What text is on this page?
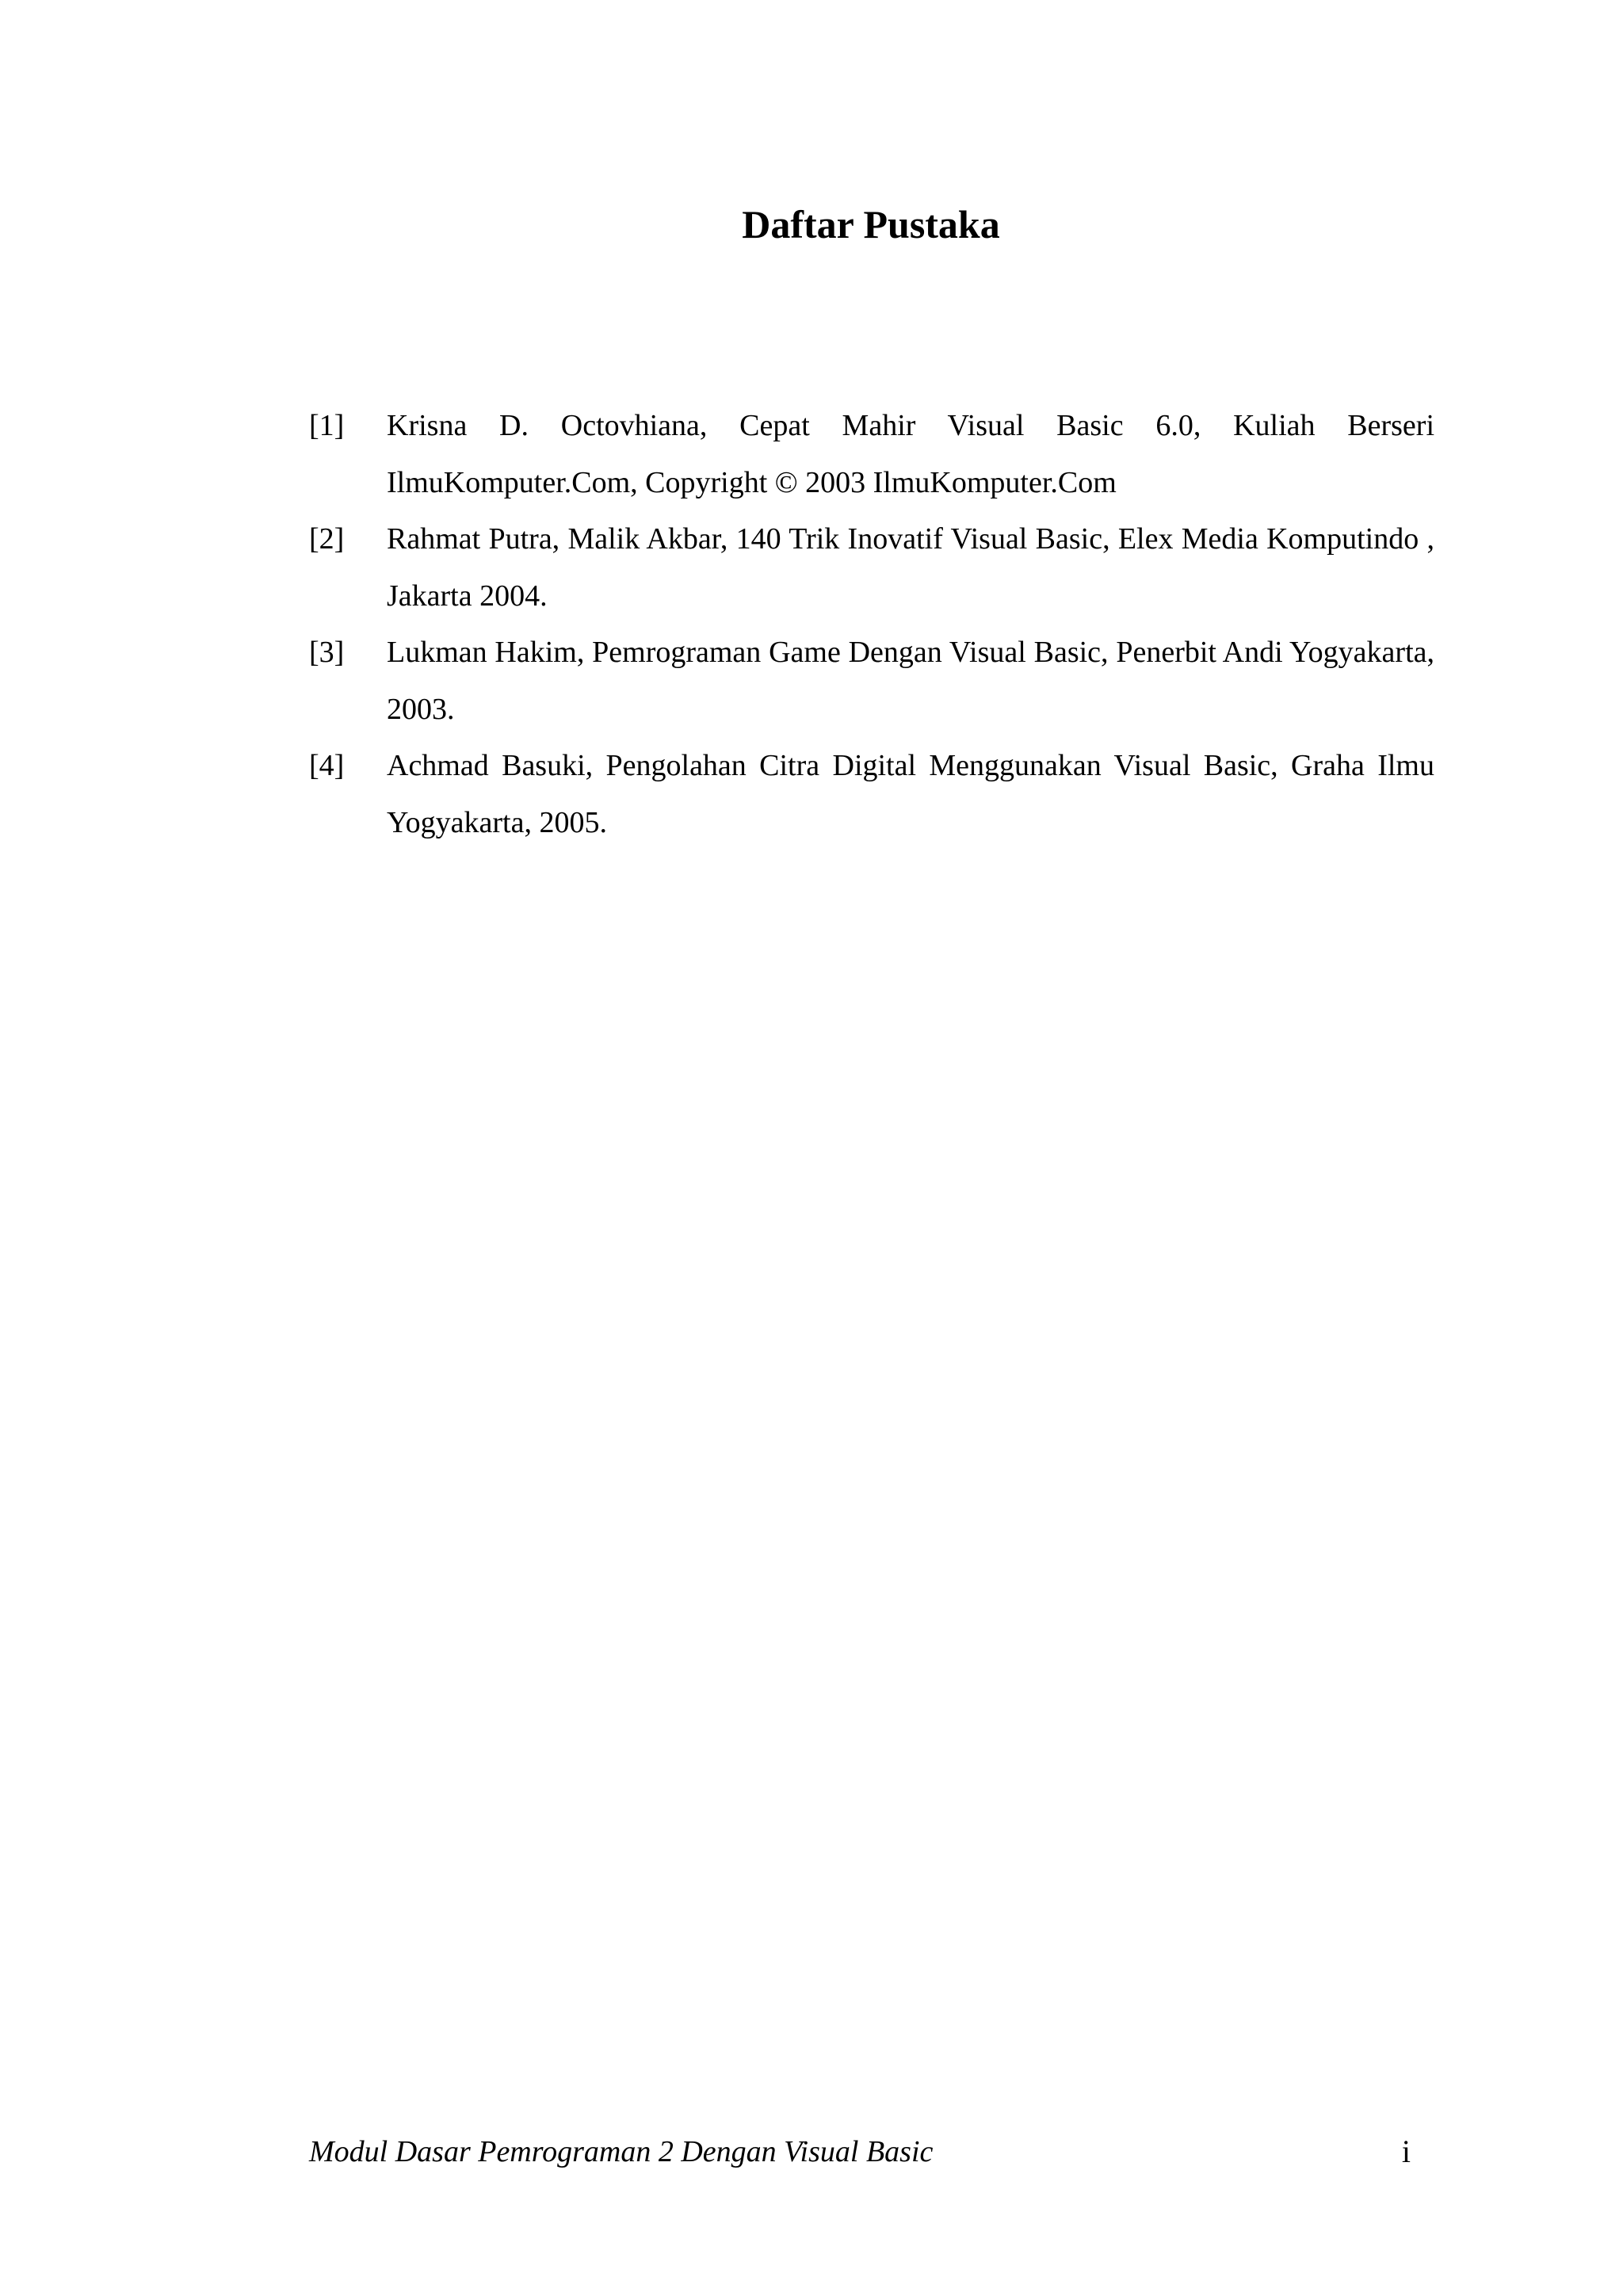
Daftar Pustaka
[1] Krisna D. Octovhiana, Cepat Mahir Visual Basic 6.0, Kuliah Berseri IlmuKomputer.Com, Copyright © 2003 IlmuKomputer.Com
[2] Rahmat Putra, Malik Akbar, 140 Trik Inovatif Visual Basic, Elex Media Komputindo , Jakarta 2004.
[3] Lukman Hakim, Pemrograman Game Dengan Visual Basic, Penerbit Andi Yogyakarta, 2003.
[4] Achmad Basuki, Pengolahan Citra Digital Menggunakan Visual Basic, Graha Ilmu Yogyakarta, 2005.
Modul Dasar Pemrograman 2 Dengan Visual Basic	i
